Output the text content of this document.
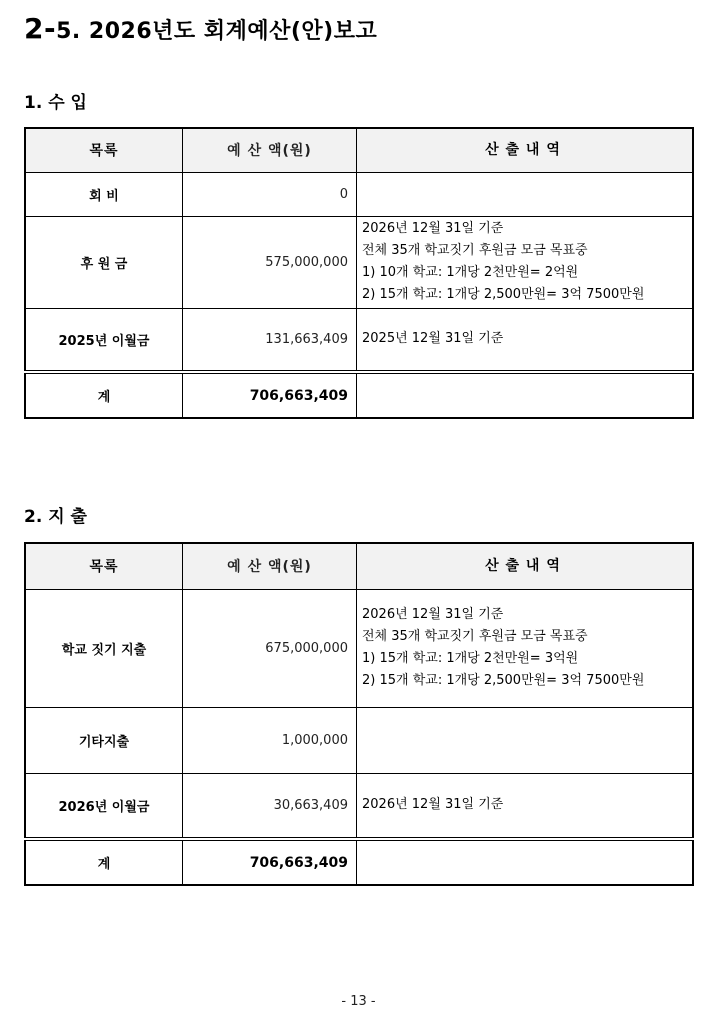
2-5. 2026년도 회계예산(안)보고
1. 수 입
목록	예 산 액(원)	산 출 내 역
회 비	0	
후 원 금	575,000,000	2026년 12월 31일 기준
전체 35개 학교짓기 후원금 모금 목표중
1) 10개 학교: 1개당 2천만원= 2억원
2) 15개 학교: 1개당 2,500만원= 3억 7500만원

2025년 이월금	131,663,409	2025년 12월 31일 기준

계	706,663,409	
2. 지 출
목록	예 산 액(원)	산 출 내 역
학교 짓기 지출	675,000,000	2026년 12월 31일 기준
전체 35개 학교짓기 후원금 모금 목표중
1) 15개 학교: 1개당 2천만원= 3억원
2) 15개 학교: 1개당 2,500만원= 3억 7500만원

기타지출	1,000,000	
2026년 이월금	30,663,409	2026년 12월 31일 기준

계	706,663,409	
- 13 -
